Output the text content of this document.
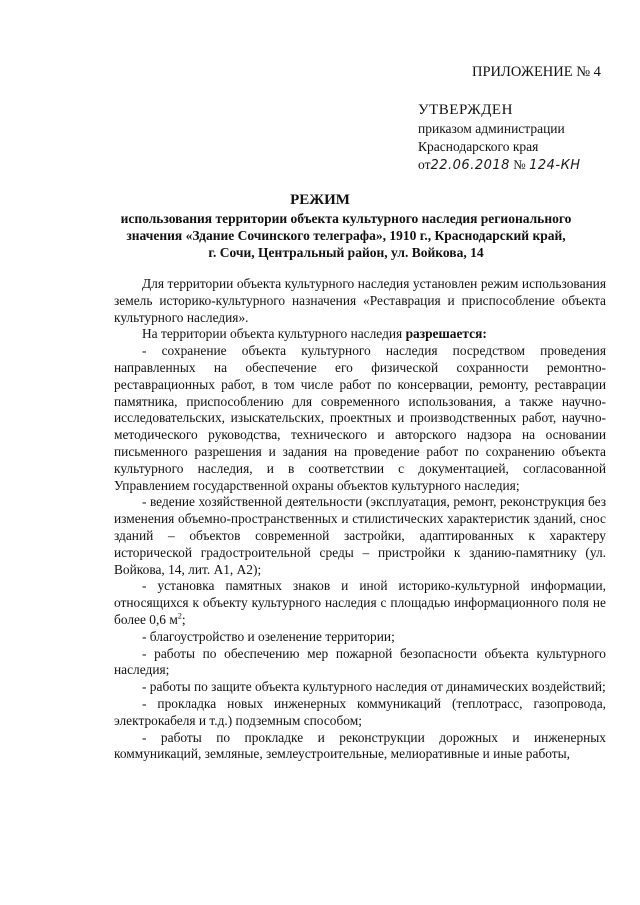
ПРИЛОЖЕНИЕ № 4
УТВЕРЖДЕН
приказом администрации
Краснодарского края
от22.06.2018 № 124-КН
РЕЖИМ
использования территории объекта культурного наследия регионального
значения «Здание Сочинского телеграфа», 1910 г., Краснодарский край,
г. Сочи, Центральный район, ул. Войкова, 14

Для территории объекта культурного наследия установлен режим использования земель историко-культурного назначения «Реставрация и приспособление объекта культурного наследия».

На территории объекта культурного наследия разрешается:

- сохранение объекта культурного наследия посредством проведения направленных на обеспечение его физической сохранности ремонтно-реставрационных работ, в том числе работ по консервации, ремонту, реставрации памятника, приспособлению для современного использования, а также научно-исследовательских, изыскательских, проектных и производственных работ, научно-методического руководства, технического и авторского надзора на основании письменного разрешения и задания на проведение работ по сохранению объекта культурного наследия, и в соответствии с документацией, согласованной Управлением государственной охраны объектов культурного наследия;

- ведение хозяйственной деятельности (эксплуатация, ремонт, реконструкция без изменения объемно-пространственных и стилистических характеристик зданий, снос зданий – объектов современной застройки, адаптированных к характеру исторической градостроительной среды – пристройки к зданию-памятнику (ул. Войкова, 14, лит. А1, А2);

- установка памятных знаков и иной историко-культурной информации, относящихся к объекту культурного наследия с площадью информационного поля не более 0,6 $м^2$;

- благоустройство и озеленение территории;

- работы по обеспечению мер пожарной безопасности объекта культурного наследия;

- работы по защите объекта культурного наследия от динамических воздействий;

- прокладка новых инженерных коммуникаций (теплотрасс, газопровода, электрокабеля и т.д.) подземным способом;

- работы по прокладке и реконструкции дорожных и инженерных коммуникаций, земляные, землеустроительные, мелиоративные и иные работы,
